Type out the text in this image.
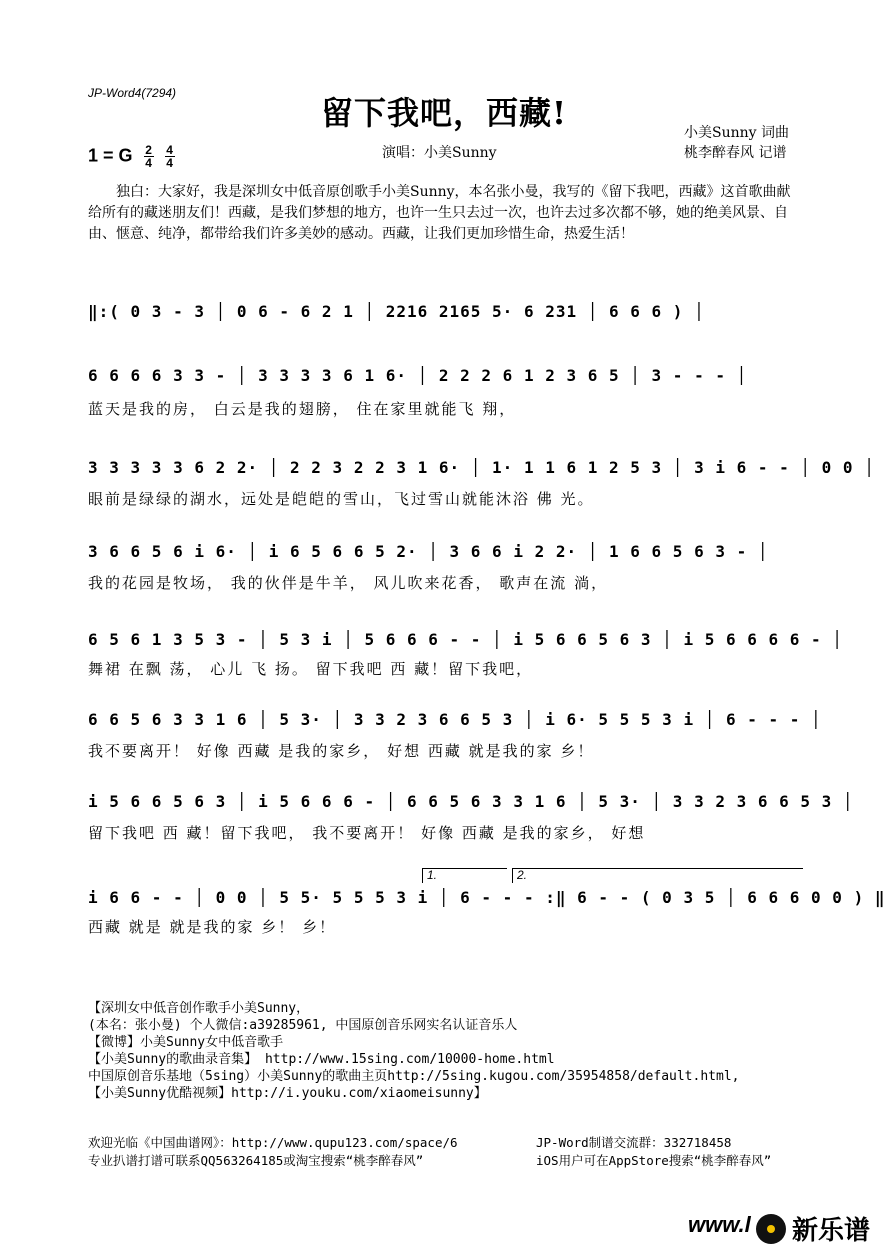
JP-Word4(7294)
留下我吧，西藏!
1 = G $\frac{2}{4}$
$\frac{4}{4}$	演唱：小美Sunny
小美Sunny 词曲
桃李醉春风 记谱
独白：大家好，我是深圳女中低音原创歌手小美Sunny，本名张小曼，我写的《留下我吧，西藏》这首歌曲献给所有的藏迷朋友们！西藏，是我们梦想的地方，也许一生只去过一次，也许去过多次都不够，她的绝美风景、自由、惬意、纯净，都带给我们许多美妙的感动。西藏，让我们更加珍惜生命，热爱生活！
‖:( 0 3 - 3 │ 0 6 - 6 2 1 │ 2216 2165 5· 6 231 │ 6 6 6 ) │
6 6 6 6 3 3 - │ 3 3 3 3 6 1 6· │ 2 2 2 6 1 2 3 6 5 │ 3 - - - │
蓝天是我的房， 白云是我的翅膀， 住在家里就能飞 翔，
3 3 3 3 3 6 2 2· │ 2 2 3 2 2 3 1 6· │ 1· 1 1 6 1 2 5 3 │ 3 i 6 - - │ 0 0 │
眼前是绿绿的湖水，远处是皑皑的雪山，飞过雪山就能沐浴 佛 光。
3 6 6 5 6 i 6· │ i 6 5 6 6 5 2· │ 3 6 6 i 2 2· │ 1 6 6 5 6 3 - │
我的花园是牧场， 我的伙伴是牛羊， 风儿吹来花香， 歌声在流 淌，
6 5 6 1 3 5 3 - │ 5 3 i │ 5 6 6 6 - - │ i 5 6 6 5 6 3 │ i 5 6 6 6 6 - │
舞裙 在飘 荡， 心儿 飞 扬。 留下我吧 西 藏！留下我吧，
6 6 5 6 3 3 1 6 │ 5 3· │ 3 3 2 3 6 6 5 3 │ i 6· 5 5 5 3 i │ 6 - - - │
我不要离开！ 好像 西藏 是我的家乡， 好想 西藏 就是我的家 乡！
i 5 6 6 5 6 3 │ i 5 6 6 6 - │ 6 6 5 6 3 3 1 6 │ 5 3· │ 3 3 2 3 6 6 5 3 │
留下我吧 西 藏！留下我吧， 我不要离开！ 好像 西藏 是我的家乡， 好想
1.	2.
i 6 6 - - │ 0 0 │ 5 5· 5 5 5 3 i │ 6 - - - :‖ 6 - - ( 0 3 5 │ 6 6 6 0 0 ) ‖
西藏 就是 就是我的家 乡！ 乡！
【深圳女中低音创作歌手小美Sunny，
(本名：张小曼) 个人微信:a39285961, 中国原创音乐网实名认证音乐人
【微博】小美Sunny女中低音歌手
【小美Sunny的歌曲录音集】 http://www.15sing.com/10000-home.html
中国原创音乐基地（5sing）小美Sunny的歌曲主页http://5sing.kugou.com/35954858/default.html,
【小美Sunny优酷视频】http://i.youku.com/xiaomeisunny】
欢迎光临《中国曲谱网》：http://www.qupu123.com/space/6
专业扒谱打谱可联系QQ563264185或淘宝搜索“桃李醉春风”
JP-Word制谱交流群：332718458
iOS用户可在AppStore搜索“桃李醉春风”
www.l 新乐谱
